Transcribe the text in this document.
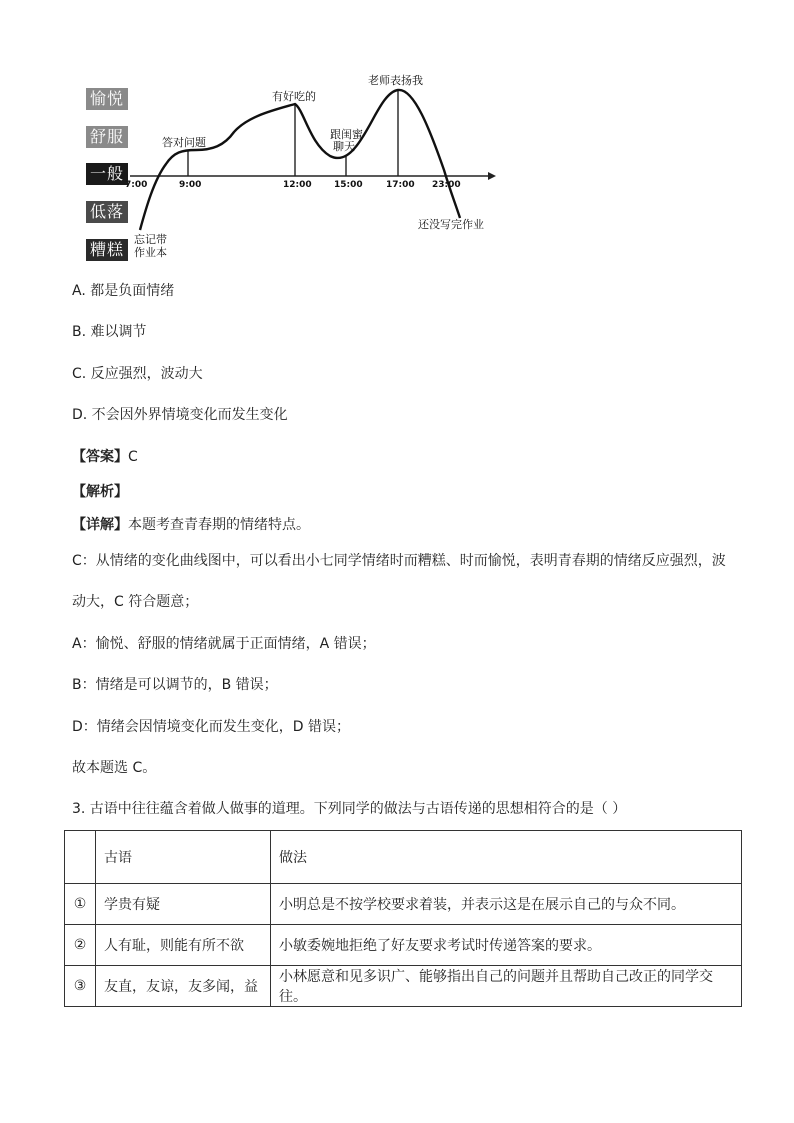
愉悦
舒服
一般
低落
糟糕
7:00	9:00	12:00 15:00	17:00 23:00
忘记带
作业本
答对问题
有好吃的
跟闺蜜
聊天
老师表扬我
还没写完作业
A. 都是负面情绪
B. 难以调节
C. 反应强烈，波动大
D. 不会因外界情境变化而发生变化
【答案】C
【解析】
【详解】本题考查青春期的情绪特点。
C：从情绪的变化曲线图中，可以看出小七同学情绪时而糟糕、时而愉悦，表明青春期的情绪反应强烈，波
动大，C 符合题意；
A：愉悦、舒服的情绪就属于正面情绪，A 错误；
B：情绪是可以调节的，B 错误；
D：情绪会因情境变化而发生变化，D 错误；
故本题选 C。
3. 古语中往往蕴含着做人做事的道理。下列同学的做法与古语传递的思想相符合的是（ ）
	古语	做法
①	学贵有疑	小明总是不按学校要求着装，并表示这是在展示自己的与众不同。
②	人有耻，则能有所不欲	小敏委婉地拒绝了好友要求考试时传递答案的要求。
③	友直，友谅，友多闻，益	小林愿意和见多识广、能够指出自己的问题并且帮助自己改正的同学交往。
